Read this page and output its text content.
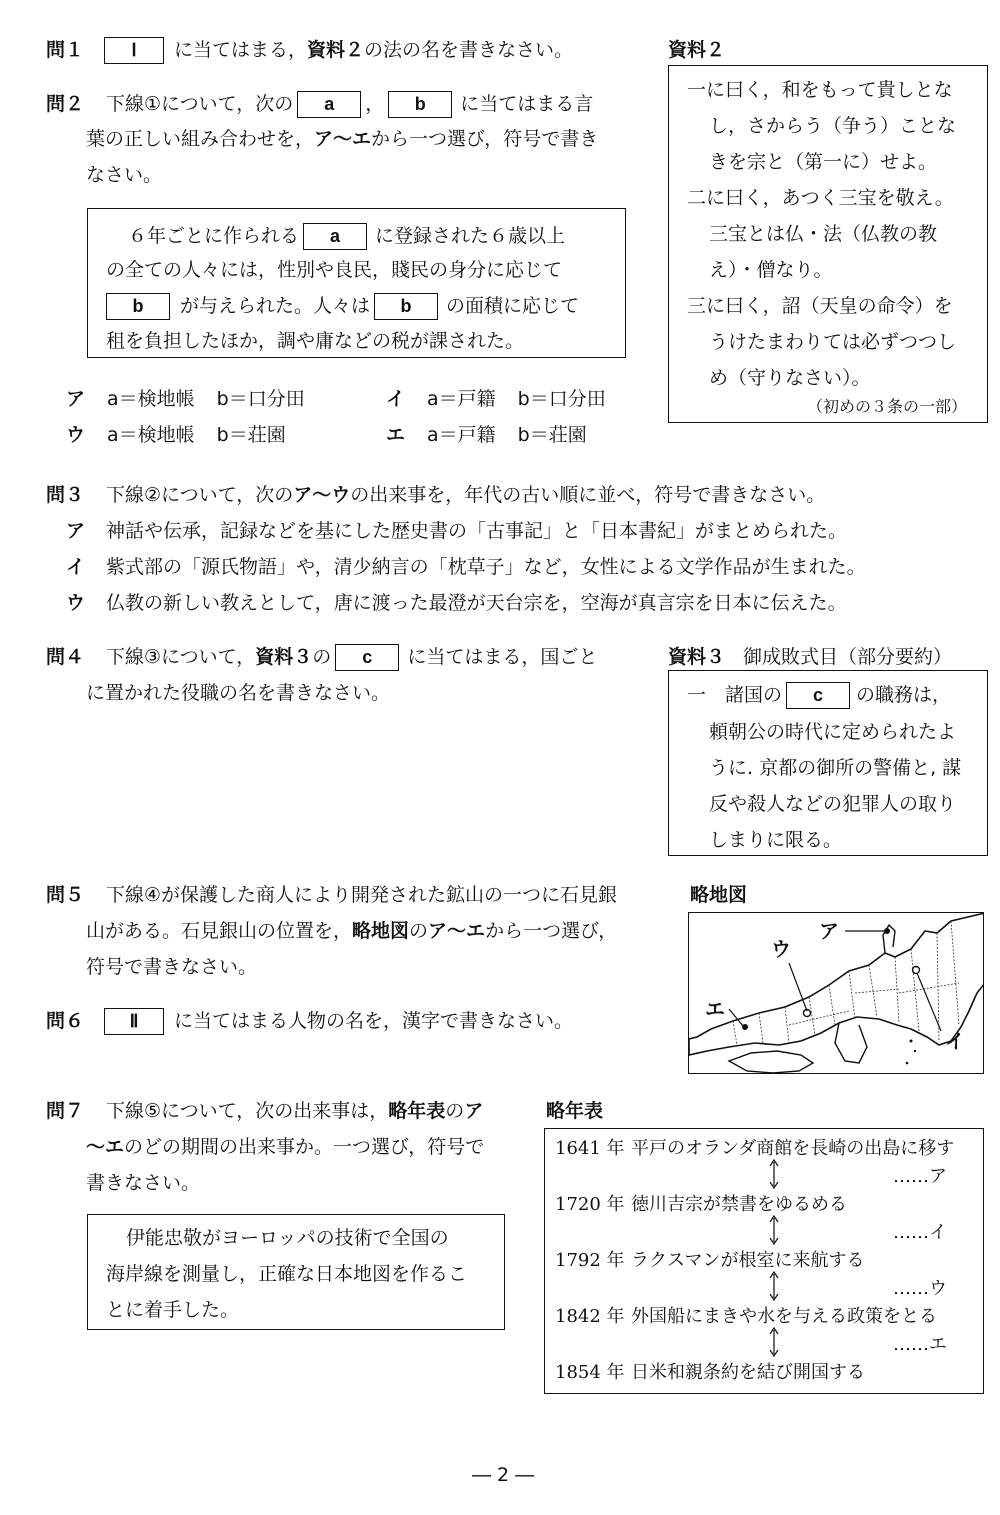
問１	Ⅰ に当てはまる，資料２の法の名を書きなさい。	資料２
一に曰く，和をもって貴しとな
し，さからう（争う）ことな
きを宗と（第一に）せよ。
二に曰く，あつく三宝を敬え。
三宝とは仏・法（仏教の教
え）・僧なり。
三に曰く，詔（天皇の命令）を
うけたまわりては必ずつつし
め（守りなさい）。
（初めの３条の一部）
問２ 下線①について，次の a ， b に当てはまる言
葉の正しい組み合わせを，ア～エから一つ選び，符号で書き
なさい。
６年ごとに作られる a に登録された６歳以上
の全ての人々には，性別や良民，賤民の身分に応じて
b が与えられた。人々は b の面積に応じて
租を負担したほか，調や庸などの税が課された。
ア a＝検地帳 b＝口分田	イ a＝戸籍 b＝口分田
ウ a＝検地帳 b＝荘園	エ a＝戸籍 b＝荘園
問３ 下線②について，次のア～ウの出来事を，年代の古い順に並べ，符号で書きなさい。
ア 神話や伝承，記録などを基にした歴史書の「古事記」と「日本書紀」がまとめられた。
イ 紫式部の「源氏物語」や，清少納言の「枕草子」など，女性による文学作品が生まれた。
ウ 仏教の新しい教えとして，唐に渡った最澄が天台宗を，空海が真言宗を日本に伝えた。
問４ 下線③について，資料３の c に当てはまる，国ごと
に置かれた役職の名を書きなさい。
資料３ 御成敗式目（部分要約）
一　諸国の c の職務は，
頼朝公の時代に定められたよ
うに. 京都の御所の警備と, 謀
反や殺人などの犯罪人の取り
しまりに限る。
問５ 下線④が保護した商人により開発された鉱山の一つに石見銀
山がある。石見銀山の位置を，略地図のア～エから一つ選び，
符号で書きなさい。
略地図
ア
ウ
エ
イ
問６	Ⅱ に当てはまる人物の名を，漢字で書きなさい。
問７ 下線⑤について，次の出来事は，略年表のア
～エのどの期間の出来事か。一つ選び，符号で
書きなさい。
伊能忠敬がヨーロッパの技術で全国の
海岸線を測量し，正確な日本地図を作るこ
とに着手した。
略年表
1641 年 平戸のオランダ商館を長崎の出島に移す
……ア
1720 年 徳川吉宗が禁書をゆるめる
……イ
1792 年 ラクスマンが根室に来航する
……ウ
1842 年 外国船にまきや水を与える政策をとる
……エ
1854 年 日米和親条約を結び開国する
― 2 ―
